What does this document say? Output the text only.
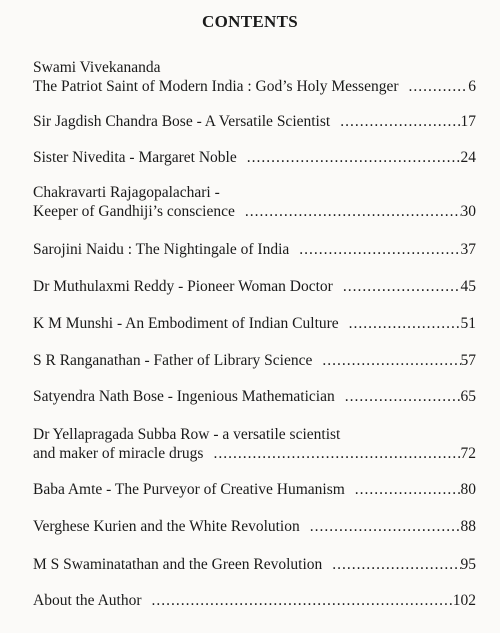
CONTENTS
Swami Vivekananda
The Patriot Saint of Modern India : God’s Holy Messenger .....	6
Sir Jagdish Chandra Bose - A Versatile Scientist .....	17
Sister Nivedita - Margaret Noble .....	24
Chakravarti Rajagopalachari -
Keeper of Gandhiji’s conscience .....	30
Sarojini Naidu : The Nightingale of India .....	37
Dr Muthulaxmi Reddy - Pioneer Woman Doctor .....	45
K M Munshi - An Embodiment of Indian Culture .....	51
S R Ranganathan - Father of Library Science .....	57
Satyendra Nath Bose - Ingenious Mathematician .....	65
Dr Yellapragada Subba Row - a versatile scientist
and maker of miracle drugs .....	72
Baba Amte - The Purveyor of Creative Humanism .....	80
Verghese Kurien and the White Revolution .....	88
M S Swaminatathan and the Green Revolution .....	95
About the Author .....	102
